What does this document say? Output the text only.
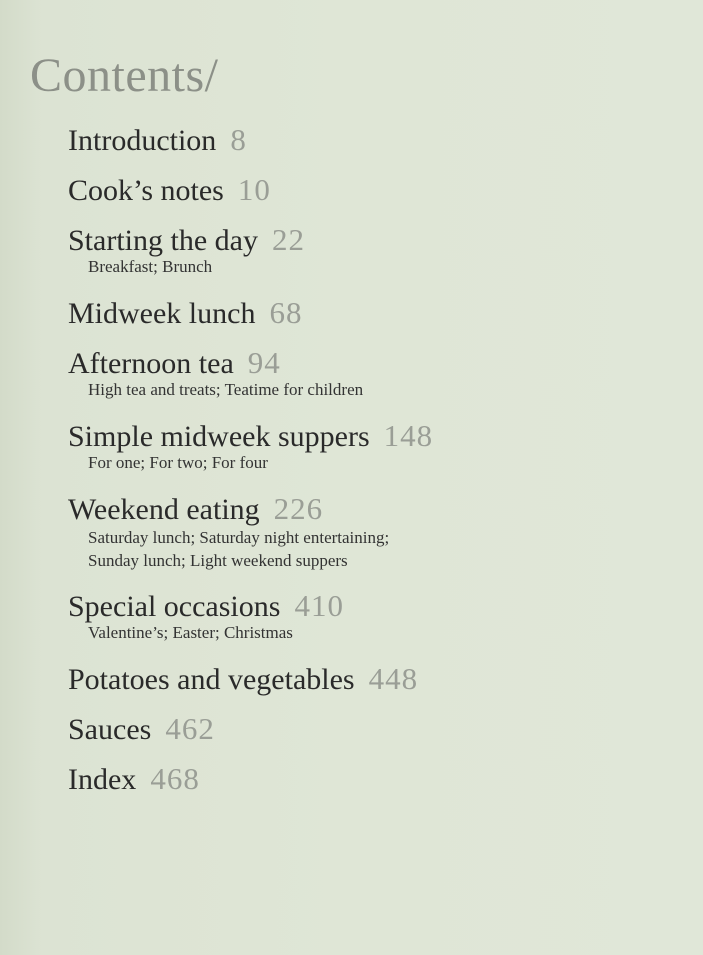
Contents/
Introduction 8
Cook’s notes 10
Starting the day 22
Breakfast; Brunch
Midweek lunch 68
Afternoon tea 94
High tea and treats; Teatime for children
Simple midweek suppers 148
For one; For two; For four
Weekend eating 226
Saturday lunch; Saturday night entertaining;
Sunday lunch; Light weekend suppers
Special occasions 410
Valentine’s; Easter; Christmas
Potatoes and vegetables 448
Sauces 462
Index 468
